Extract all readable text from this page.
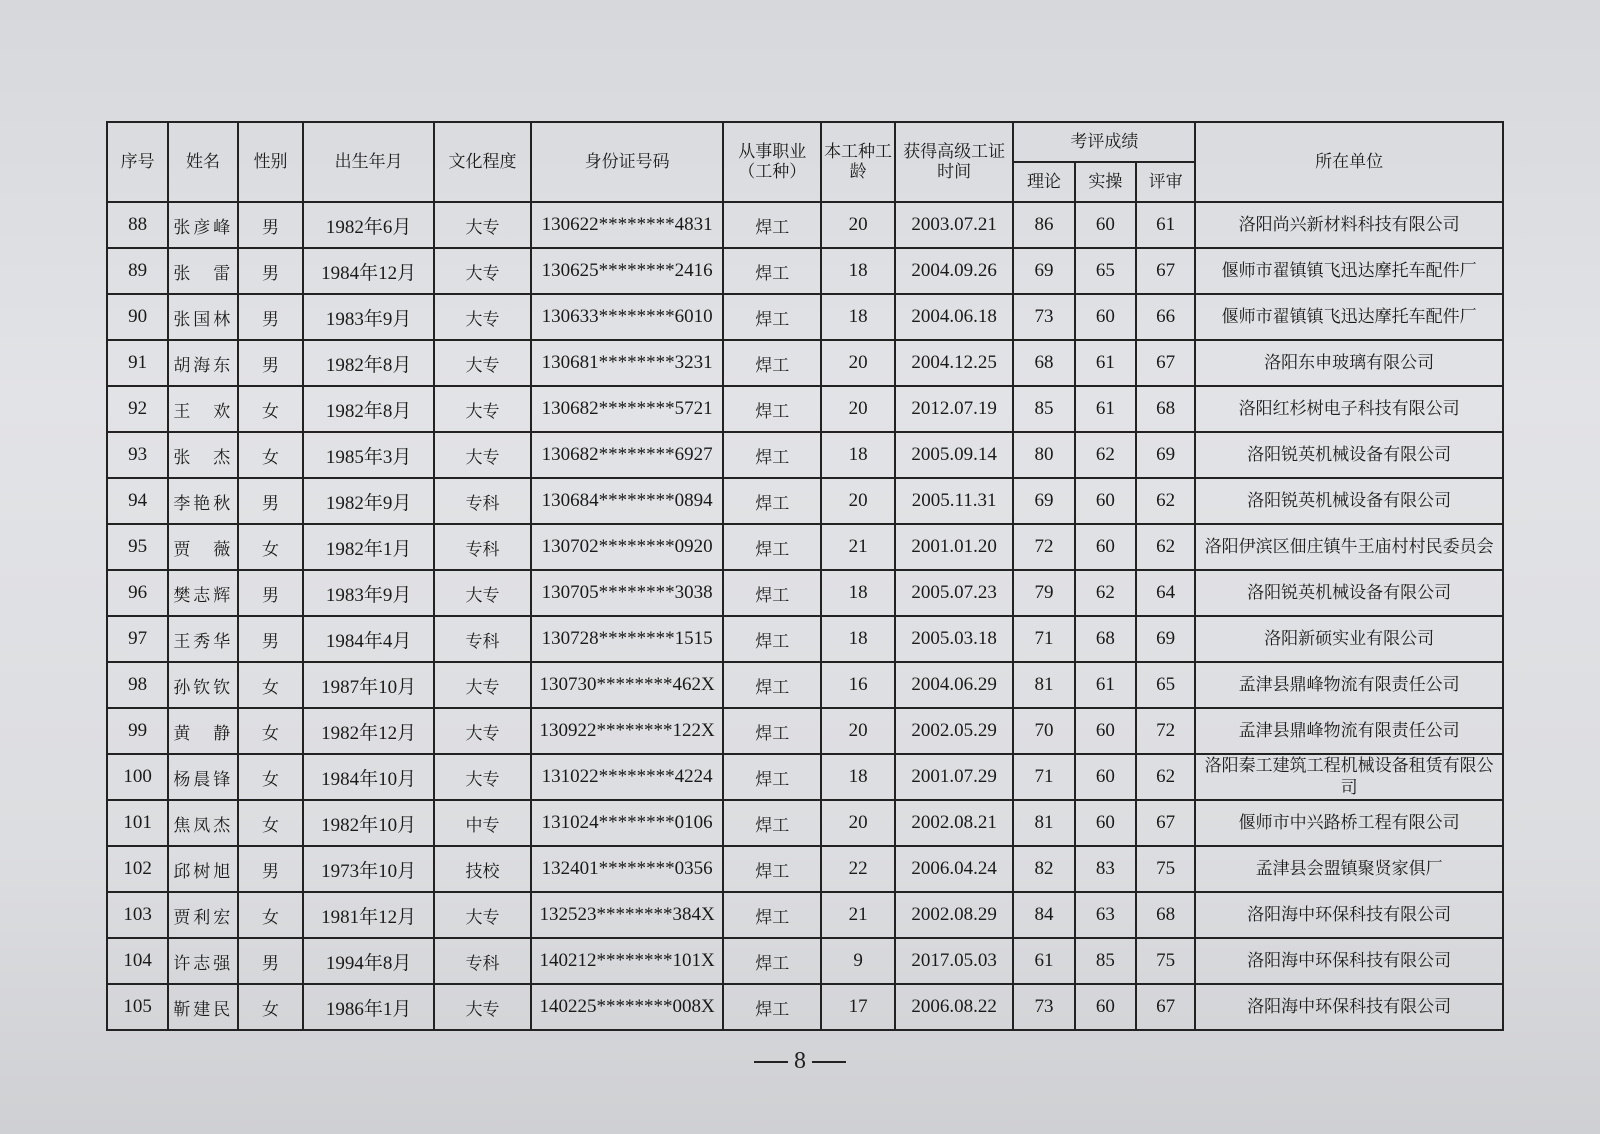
序号	姓名	性别	出生年月	文化程度	身份证号码	从事职业（工种）	本工种工龄	获得高级工证时间	考评成绩			所在单位
									理论	实操	评审	
88	张彦峰	男	1982年6月	大专	130622********4831	焊工	20	2003.07.21	86	60	61	洛阳尚兴新材料科技有限公司
89	张　雷	男	1984年12月	大专	130625********2416	焊工	18	2004.09.26	69	65	67	偃师市翟镇镇飞迅达摩托车配件厂
90	张国林	男	1983年9月	大专	130633********6010	焊工	18	2004.06.18	73	60	66	偃师市翟镇镇飞迅达摩托车配件厂
91	胡海东	男	1982年8月	大专	130681********3231	焊工	20	2004.12.25	68	61	67	洛阳东申玻璃有限公司
92	王　欢	女	1982年8月	大专	130682********5721	焊工	20	2012.07.19	85	61	68	洛阳红杉树电子科技有限公司
93	张　杰	女	1985年3月	大专	130682********6927	焊工	18	2005.09.14	80	62	69	洛阳锐英机械设备有限公司
94	李艳秋	男	1982年9月	专科	130684********0894	焊工	20	2005.11.31	69	60	62	洛阳锐英机械设备有限公司
95	贾　薇	女	1982年1月	专科	130702********0920	焊工	21	2001.01.20	72	60	62	洛阳伊滨区佃庄镇牛王庙村村民委员会
96	樊志辉	男	1983年9月	大专	130705********3038	焊工	18	2005.07.23	79	62	64	洛阳锐英机械设备有限公司
97	王秀华	男	1984年4月	专科	130728********1515	焊工	18	2005.03.18	71	68	69	洛阳新硕实业有限公司
98	孙钦钦	女	1987年10月	大专	130730********462X	焊工	16	2004.06.29	81	61	65	孟津县鼎峰物流有限责任公司
99	黄　静	女	1982年12月	大专	130922********122X	焊工	20	2002.05.29	70	60	72	孟津县鼎峰物流有限责任公司
100	杨晨锋	女	1984年10月	大专	131022********4224	焊工	18	2001.07.29	71	60	62	洛阳秦工建筑工程机械设备租赁有限公司
101	焦凤杰	女	1982年10月	中专	131024********0106	焊工	20	2002.08.21	81	60	67	偃师市中兴路桥工程有限公司
102	邱树旭	男	1973年10月	技校	132401********0356	焊工	22	2006.04.24	82	83	75	孟津县会盟镇聚贤家俱厂
103	贾利宏	女	1981年12月	大专	132523********384X	焊工	21	2002.08.29	84	63	68	洛阳海中环保科技有限公司
104	许志强	男	1994年8月	专科	140212********101X	焊工	9	2017.05.03	61	85	75	洛阳海中环保科技有限公司
105	靳建民	女	1986年1月	大专	140225********008X	焊工	17	2006.08.22	73	60	67	洛阳海中环保科技有限公司
8
